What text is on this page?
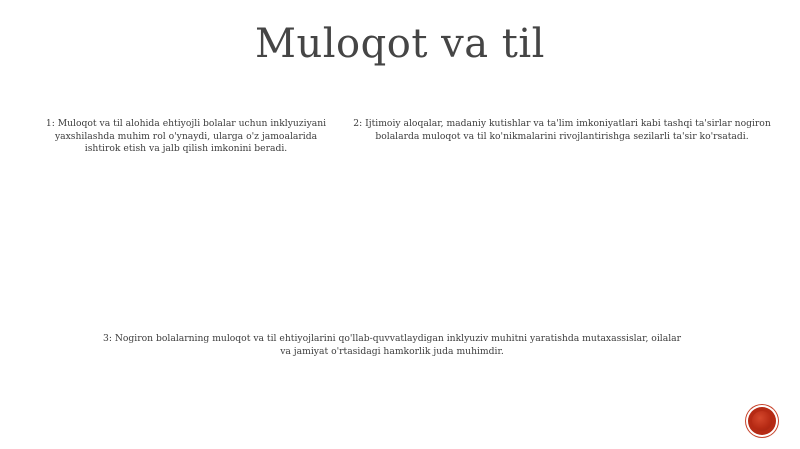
Muloqot va til
1: Muloqot va til alohida ehtiyojli bolalar uchun inklyuziyani yaxshilashda muhim rol o'ynaydi, ularga o'z jamoalarida ishtirok etish va jalb qilish imkonini beradi.
2: Ijtimoiy aloqalar, madaniy kutishlar va ta'lim imkoniyatlari kabi tashqi ta'sirlar nogiron bolalarda muloqot va til ko'nikmalarini rivojlantirishga sezilarli ta'sir ko'rsatadi.
3: Nogiron bolalarning muloqot va til ehtiyojlarini qo'llab-quvvatlaydigan inklyuziv muhitni yaratishda mutaxassislar, oilalar va jamiyat o'rtasidagi hamkorlik juda muhimdir.
